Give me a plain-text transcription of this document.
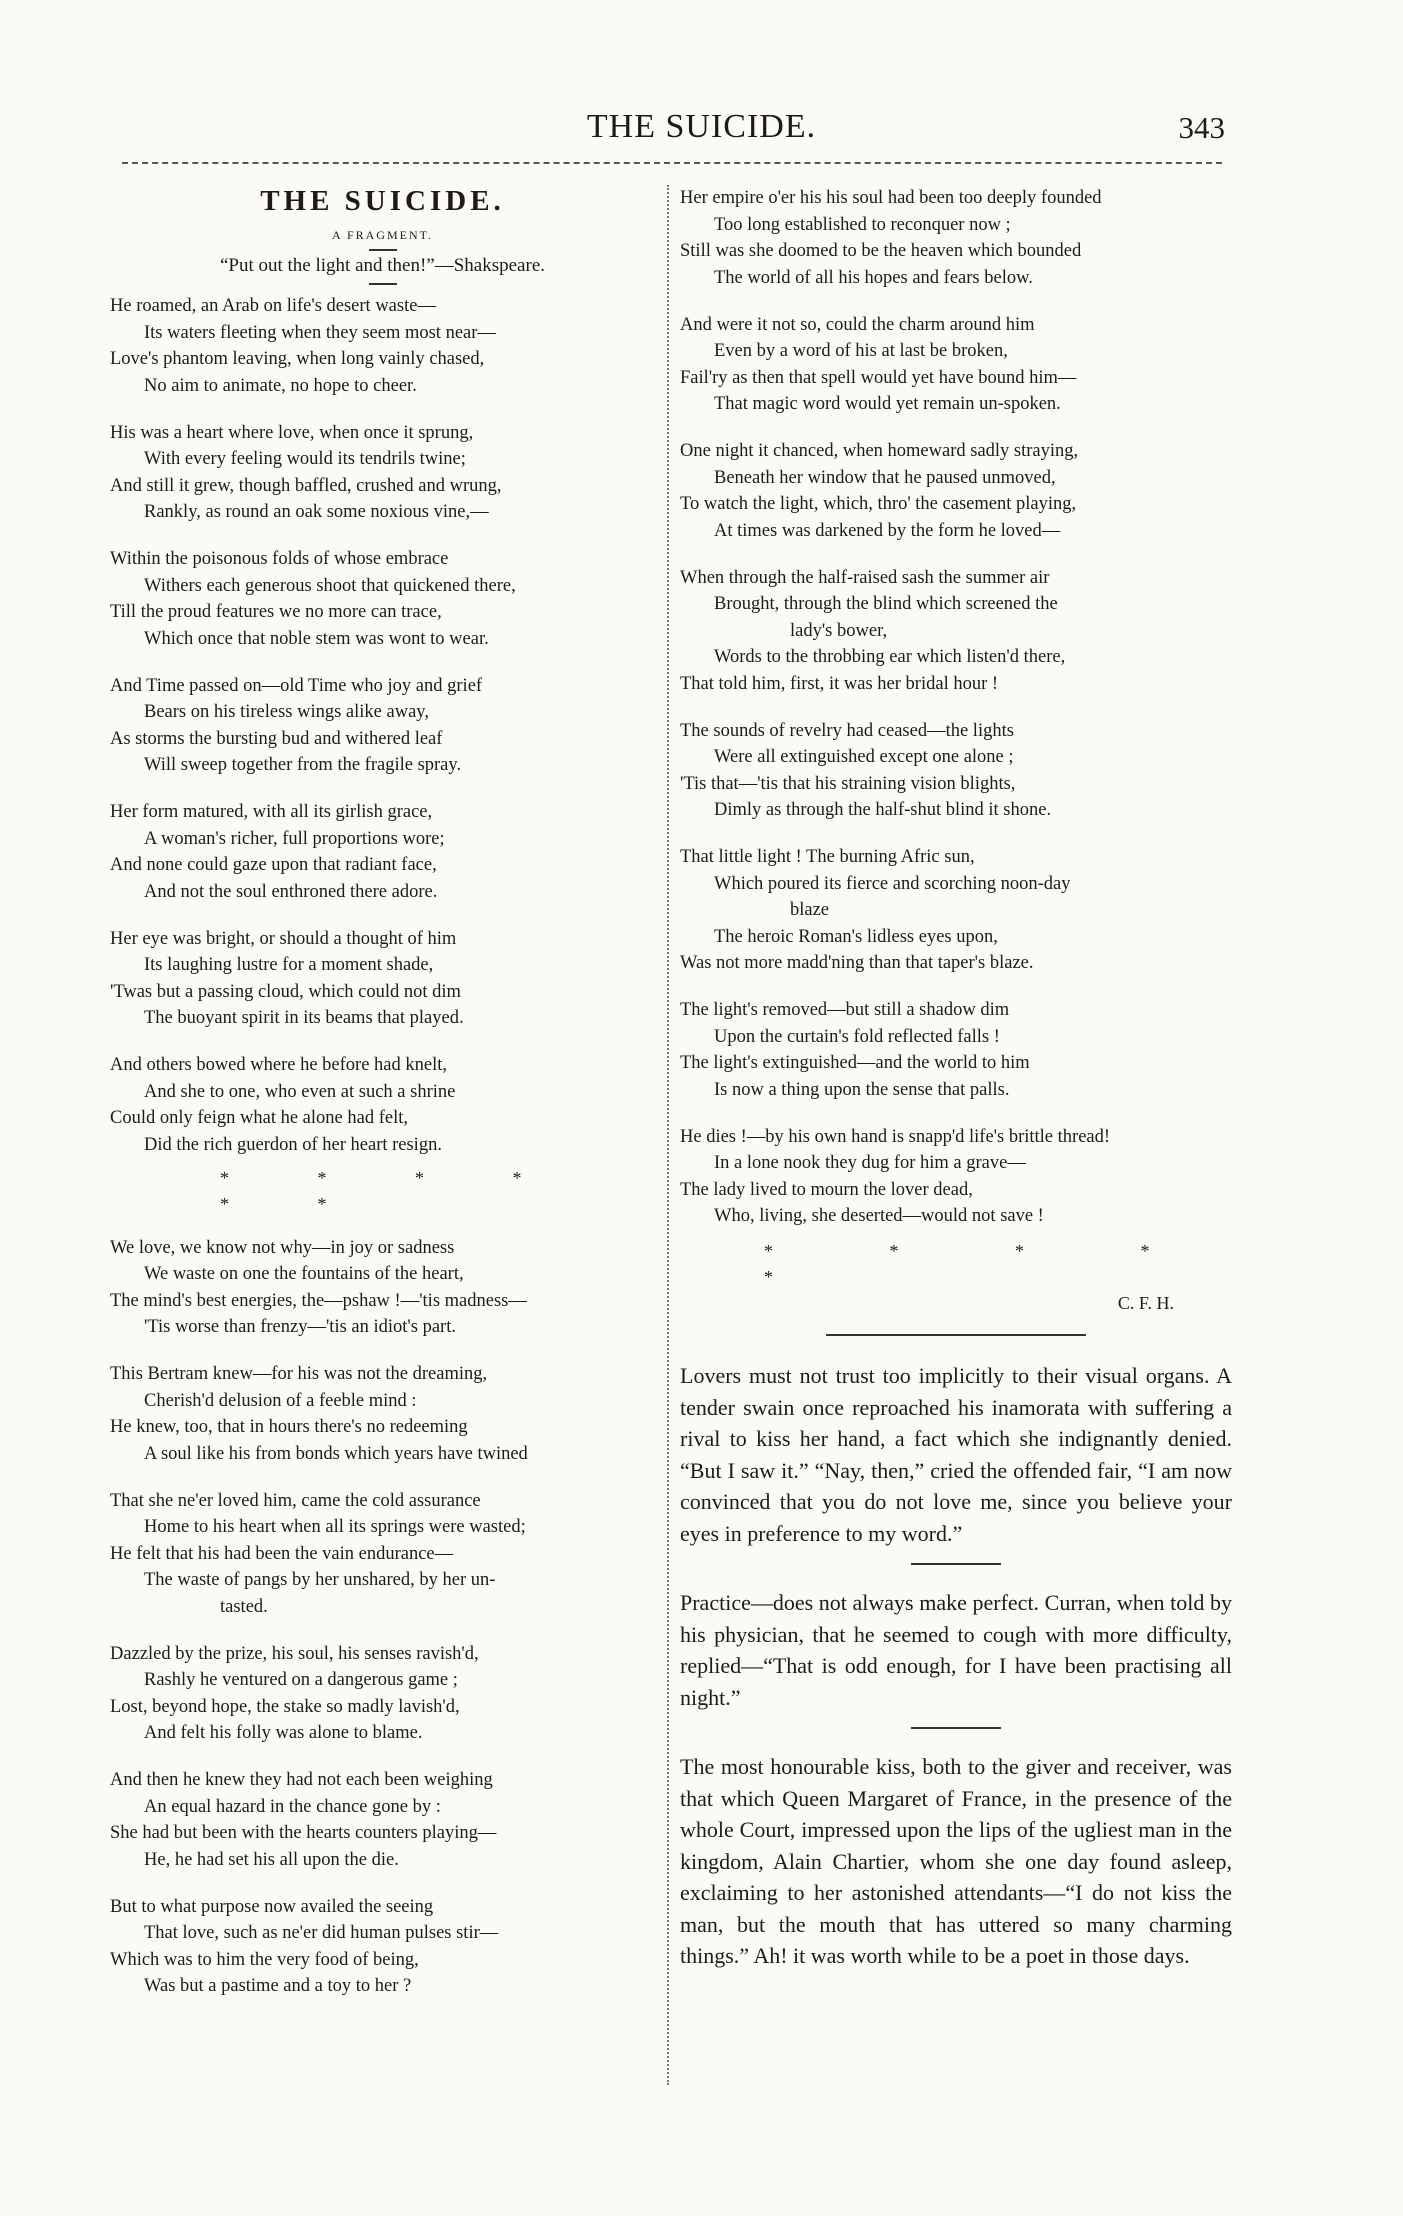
THE SUICIDE.	343
THE SUICIDE.
A FRAGMENT.
“Put out the light and then!”—Shakspeare.
He roamed, an Arab on life's desert waste—
Its waters fleeting when they seem most near—
Love's phantom leaving, when long vainly chased,
No aim to animate, no hope to cheer.
His was a heart where love, when once it sprung,
With every feeling would its tendrils twine;
And still it grew, though baffled, crushed and wrung,
Rankly, as round an oak some noxious vine,—
Within the poisonous folds of whose embrace
Withers each generous shoot that quickened there,
Till the proud features we no more can trace,
Which once that noble stem was wont to wear.
And Time passed on—old Time who joy and grief
Bears on his tireless wings alike away,
As storms the bursting bud and withered leaf
Will sweep together from the fragile spray.
Her form matured, with all its girlish grace,
A woman's richer, full proportions wore;
And none could gaze upon that radiant face,
And not the soul enthroned there adore.
Her eye was bright, or should a thought of him
Its laughing lustre for a moment shade,
'Twas but a passing cloud, which could not dim
The buoyant spirit in its beams that played.
And others bowed where he before had knelt,
And she to one, who even at such a shrine
Could only feign what he alone had felt,
Did the rich guerdon of her heart resign.
* * * * * *
We love, we know not why—in joy or sadness
We waste on one the fountains of the heart,
The mind's best energies, the—pshaw !—'tis madness—
'Tis worse than frenzy—'tis an idiot's part.
This Bertram knew—for his was not the dreaming,
Cherish'd delusion of a feeble mind :
He knew, too, that in hours there's no redeeming
A soul like his from bonds which years have twined
That she ne'er loved him, came the cold assurance
Home to his heart when all its springs were wasted;
He felt that his had been the vain endurance—
The waste of pangs by her unshared, by her un-
tasted.
Dazzled by the prize, his soul, his senses ravish'd,
Rashly he ventured on a dangerous game ;
Lost, beyond hope, the stake so madly lavish'd,
And felt his folly was alone to blame.
And then he knew they had not each been weighing
An equal hazard in the chance gone by :
She had but been with the hearts counters playing—
He, he had set his all upon the die.
But to what purpose now availed the seeing
That love, such as ne'er did human pulses stir—
Which was to him the very food of being,
Was but a pastime and a toy to her ?
Her empire o'er his his soul had been too deeply founded
Too long established to reconquer now ;
Still was she doomed to be the heaven which bounded
The world of all his hopes and fears below.
And were it not so, could the charm around him
Even by a word of his at last be broken,
Fail'ry as then that spell would yet have bound him—
That magic word would yet remain un-spoken.
One night it chanced, when homeward sadly straying,
Beneath her window that he paused unmoved,
To watch the light, which, thro' the casement playing,
At times was darkened by the form he loved—
When through the half-raised sash the summer air
Brought, through the blind which screened the
lady's bower,
Words to the throbbing ear which listen'd there,
That told him, first, it was her bridal hour !
The sounds of revelry had ceased—the lights
Were all extinguished except one alone ;
'Tis that—'tis that his straining vision blights,
Dimly as through the half-shut blind it shone.
That little light ! The burning Afric sun,
Which poured its fierce and scorching noon-day
blaze
The heroic Roman's lidless eyes upon,
Was not more madd'ning than that taper's blaze.
The light's removed—but still a shadow dim
Upon the curtain's fold reflected falls !
The light's extinguished—and the world to him
Is now a thing upon the sense that palls.
He dies !—by his own hand is snapp'd life's brittle thread!
In a lone nook they dug for him a grave—
The lady lived to mourn the lover dead,
Who, living, she deserted—would not save !
* * * * *
C. F. H.

Lovers must not trust too implicitly to their visual organs. A tender swain once reproached his inamorata with suffering a rival to kiss her hand, a fact which she indignantly denied. “But I saw it.” “Nay, then,” cried the offended fair, “I am now convinced that you do not love me, since you believe your eyes in preference to my word.”

Practice—does not always make perfect. Curran, when told by his physician, that he seemed to cough with more difficulty, replied—“That is odd enough, for I have been practising all night.”

The most honourable kiss, both to the giver and receiver, was that which Queen Margaret of France, in the presence of the whole Court, impressed upon the lips of the ugliest man in the kingdom, Alain Chartier, whom she one day found asleep, exclaiming to her astonished attendants—“I do not kiss the man, but the mouth that has uttered so many charming things.” Ah! it was worth while to be a poet in those days.
